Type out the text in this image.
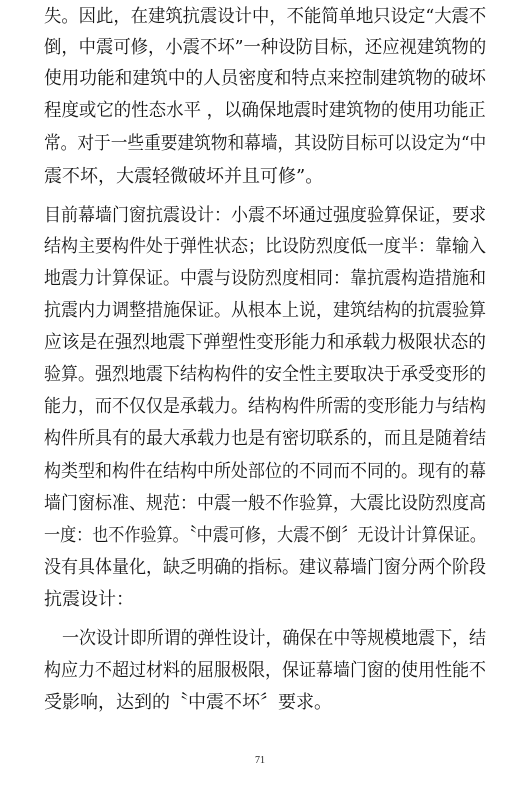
失。因此，在建筑抗震设计中，不能简单地只设定“大震不
倒，中震可修，小震不坏”一种设防目标，还应视建筑物的
使用功能和建筑中的人员密度和特点来控制建筑物的破坏
程度或它的性态水平 ，以确保地震时建筑物的使用功能正
常。对于一些重要建筑物和幕墙，其设防目标可以设定为“中
震不坏，大震轻微破坏并且可修”。
目前幕墙门窗抗震设计：小震不坏通过强度验算保证，要求
结构主要构件处于弹性状态；比设防烈度低一度半：靠输入
地震力计算保证。中震与设防烈度相同：靠抗震构造措施和
抗震内力调整措施保证。从根本上说，建筑结构的抗震验算
应该是在强烈地震下弹塑性变形能力和承载力极限状态的
验算。强烈地震下结构构件的安全性主要取决于承受变形的
能力，而不仅仅是承载力。结构构件所需的变形能力与结构
构件所具有的最大承载力也是有密切联系的，而且是随着结
构类型和构件在结构中所处部位的不同而不同的。现有的幕
墙门窗标准、规范：中震一般不作验算，大震比设防烈度高
一度：也不作验算。〝中震可修，大震不倒〞无设计计算保证。
没有具体量化，缺乏明确的指标。建议幕墙门窗分两个阶段
抗震设计：
一次设计即所谓的弹性设计，确保在中等规模地震下，结
构应力不超过材料的屈服极限，保证幕墙门窗的使用性能不
受影响，达到的〝中震不坏〞要求。
71
